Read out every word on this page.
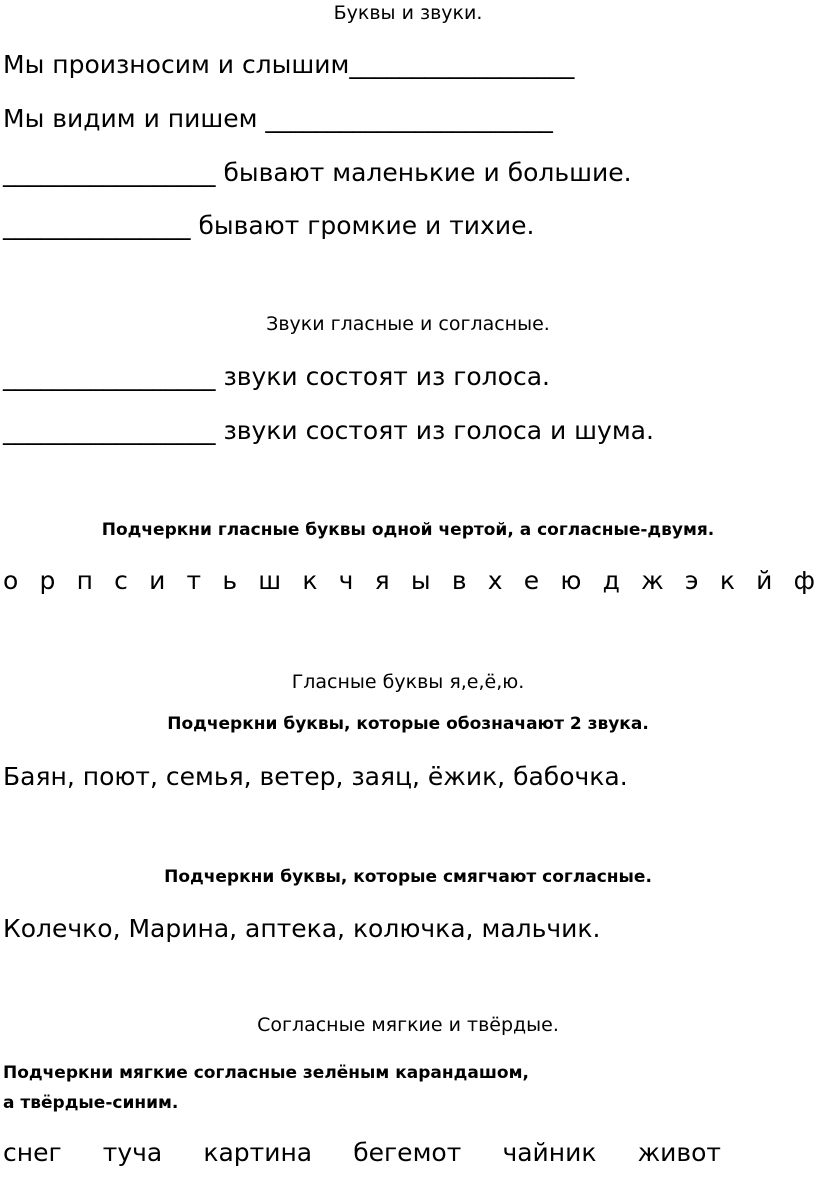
Буквы и звуки.
Мы произносим и слышим__________________
Мы видим и пишем _______________________
_________________ бывают маленькие и большие.
_______________ бывают громкие и тихие.
Звуки гласные и согласные.
_________________ звуки состоят из голоса.
_________________ звуки состоят из голоса и шума.
Подчеркни гласные буквы одной чертой, а согласные-двумя.
о р п с и т ь ш к ч я ы в х е ю д ж э к й ф
Гласные буквы я,е,ё,ю.
Подчеркни буквы, которые обозначают 2 звука.
Баян, поют, семья, ветер, заяц, ёжик, бабочка.
Подчеркни буквы, которые смягчают согласные.
Колечко, Марина, аптека, колючка, мальчик.
Согласные мягкие и твёрдые.
Подчеркни мягкие согласные зелёным карандашом,
а твёрдые-синим.
снег туча картина бегемот чайник живот
